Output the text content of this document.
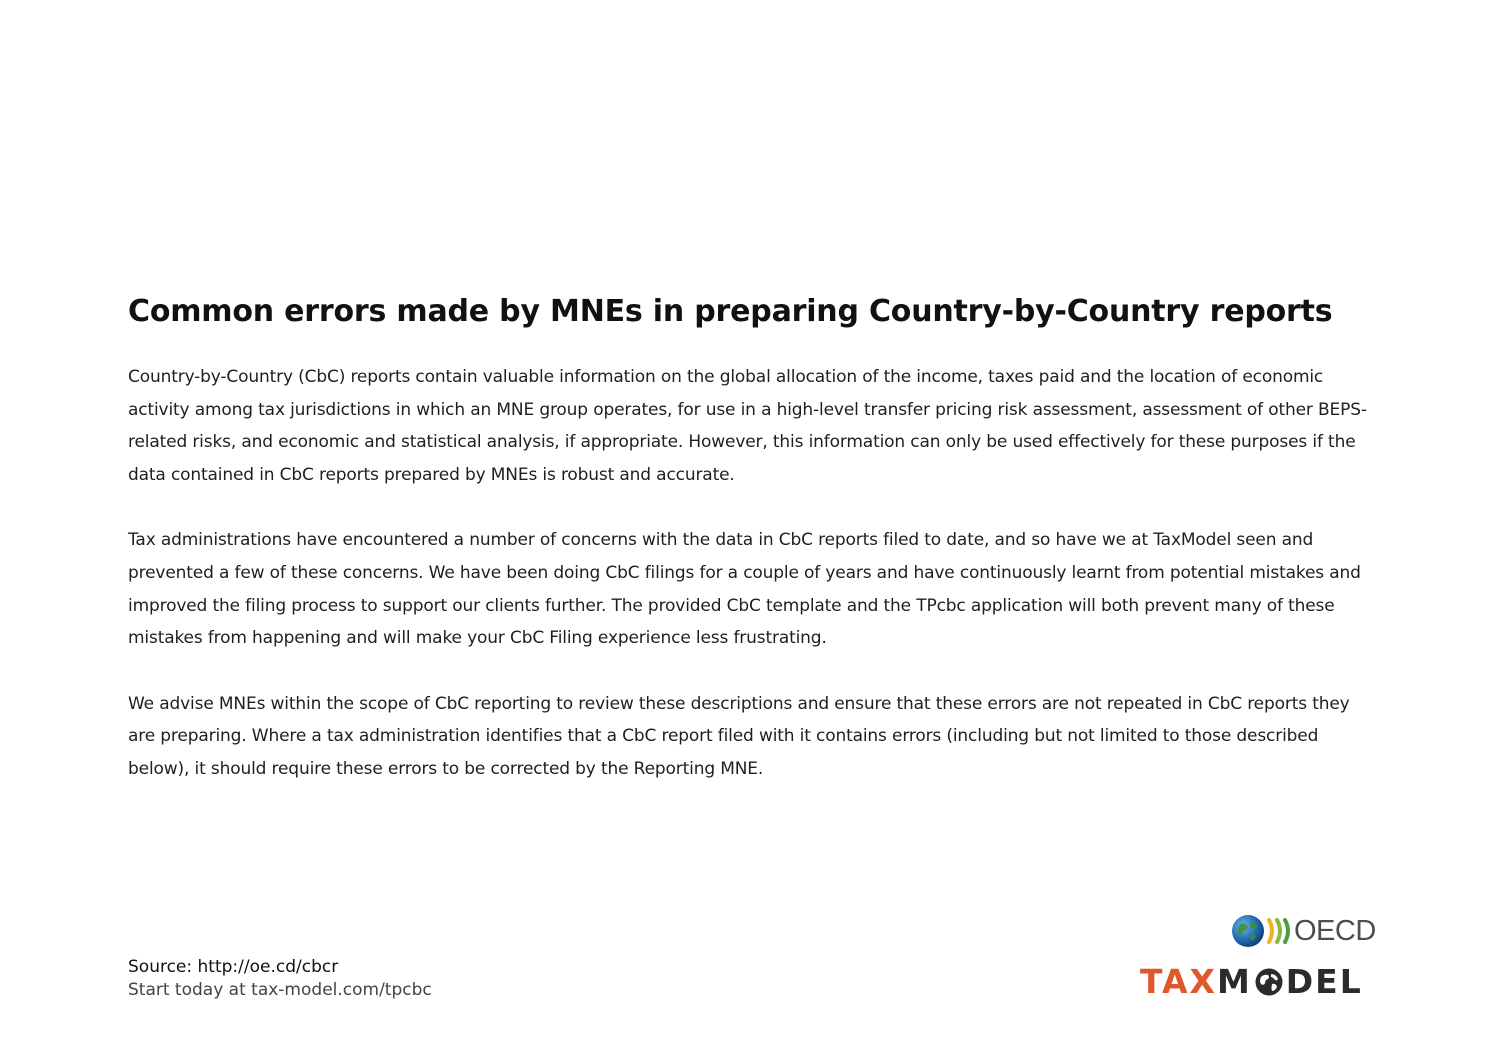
Common errors made by MNEs in preparing Country-by-Country reports

Country-by-Country (CbC) reports contain valuable information on the global allocation of the income, taxes paid and the location of economic activity among tax jurisdictions in which an MNE group operates, for use in a high-level transfer pricing risk assessment, assessment of other BEPS-related risks, and economic and statistical analysis, if appropriate. However, this information can only be used effectively for these purposes if the data contained in CbC reports prepared by MNEs is robust and accurate.

Tax administrations have encountered a number of concerns with the data in CbC reports filed to date, and so have we at TaxModel seen and prevented a few of these concerns. We have been doing CbC filings for a couple of years and have continuously learnt from potential mistakes and improved the filing process to support our clients further. The provided CbC template and the TPcbc application will both prevent many of these mistakes from happening and will make your CbC Filing experience less frustrating.

We advise MNEs within the scope of CbC reporting to review these descriptions and ensure that these errors are not repeated in CbC reports they are preparing. Where a tax administration identifies that a CbC report filed with it contains errors (including but not limited to those described below), it should require these errors to be corrected by the Reporting MNE.

Source: http://oe.cd/cbcr
Start today at tax-model.com/tpcbc
OECD
TAX M DEL
